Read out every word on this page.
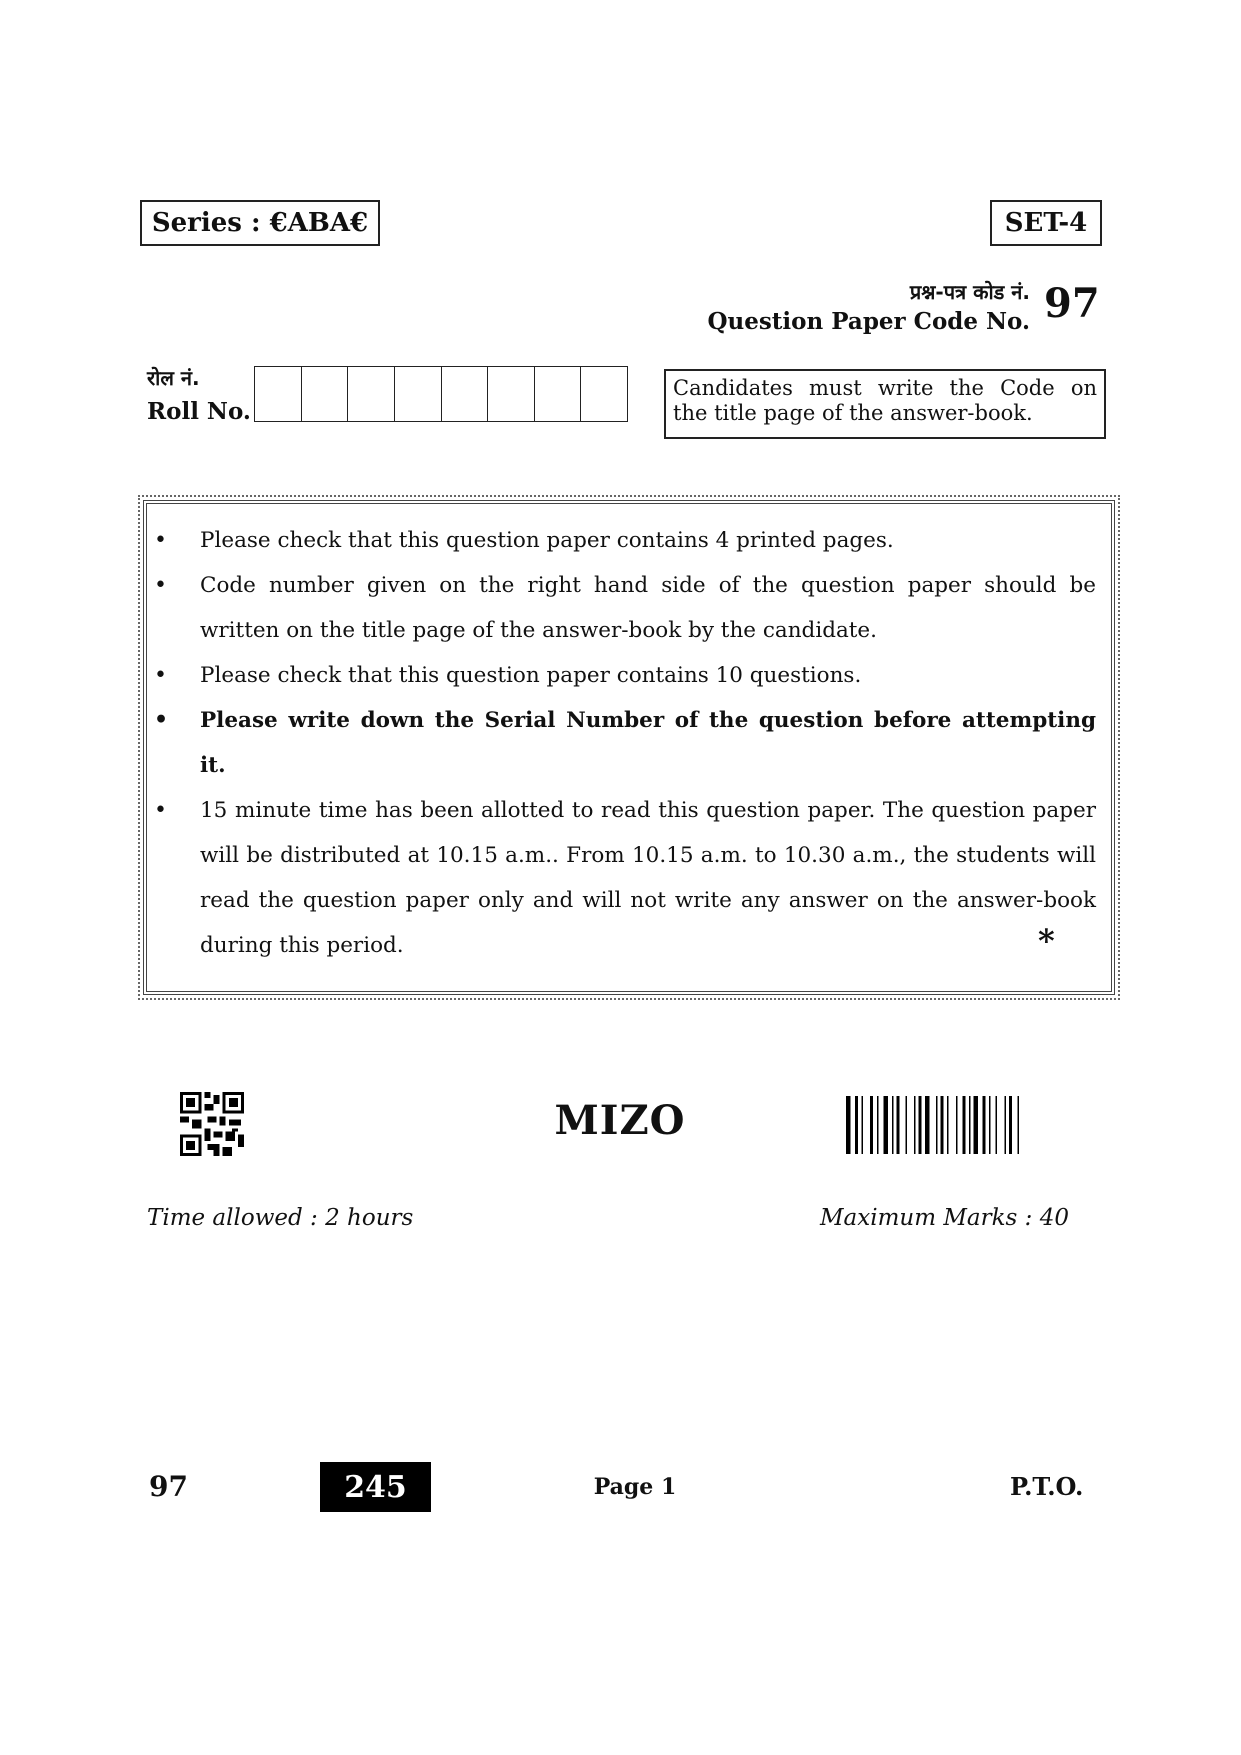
Series : €ABA€	SET-4
प्रश्न-पत्र कोड नं.
Question Paper Code No. 97
रोल नं.
Roll No.
Candidates must write the Code on
the title page of the answer-book.
• Please check that this question paper contains 4 printed pages.
• Code number given on the right hand side of the question paper should be written on the title page of the answer-book by the candidate.
• Please check that this question paper contains 10 questions.
• Please write down the Serial Number of the question before attempting it.
• 15 minute time has been allotted to read this question paper. The question paper will be distributed at 10.15 a.m.. From 10.15 a.m. to 10.30 a.m., the students will read the question paper only and will not write any answer on the answer-book during this period.	*
MIZO
Time allowed : 2 hours	Maximum Marks : 40
97	245	Page 1	P.T.O.
